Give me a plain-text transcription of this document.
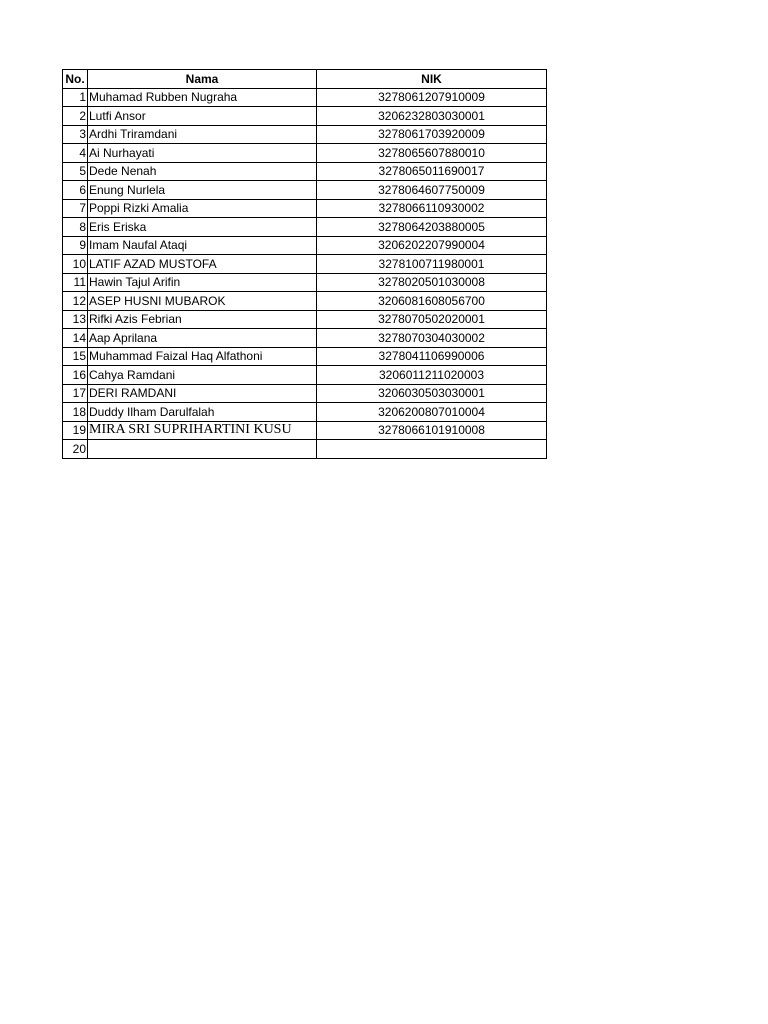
No.	Nama	NIK
1	Muhamad Rubben Nugraha	3278061207910009
2	Lutfi Ansor	3206232803030001
3	Ardhi Triramdani	3278061703920009
4	Ai Nurhayati	3278065607880010
5	Dede Nenah	3278065011690017
6	Enung Nurlela	3278064607750009
7	Poppi Rizki Amalia	3278066110930002
8	Eris Eriska	3278064203880005
9	Imam Naufal Ataqi	3206202207990004
10	LATIF AZAD MUSTOFA	3278100711980001
11	Hawin Tajul Arifin	3278020501030008
12	ASEP HUSNI MUBAROK	3206081608056700
13	Rifki Azis Febrian	3278070502020001
14	Aap Aprilana	3278070304030002
15	Muhammad Faizal Haq Alfathoni	3278041106990006
16	Cahya Ramdani	3206011211020003
17	DERI RAMDANI	3206030503030001
18	Duddy Ilham Darulfalah	3206200807010004
19	MIRA SRI SUPRIHARTINI KUSU	3278066101910008
20		
